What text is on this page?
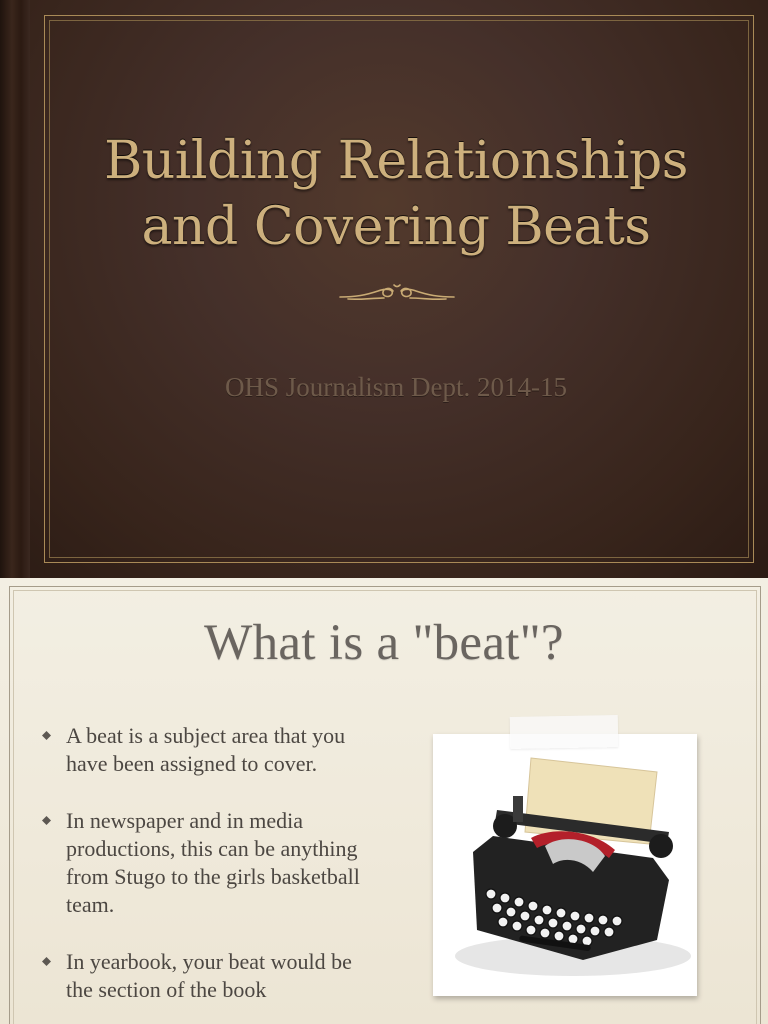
Building Relationships
and Covering Beats
OHS Journalism Dept. 2014-15
What is a "beat"?
A beat is a subject area that you have been assigned to cover.
In newspaper and in media productions, this can be anything from Stugo to the girls basketball team.
In yearbook, your beat would be the section of the book
